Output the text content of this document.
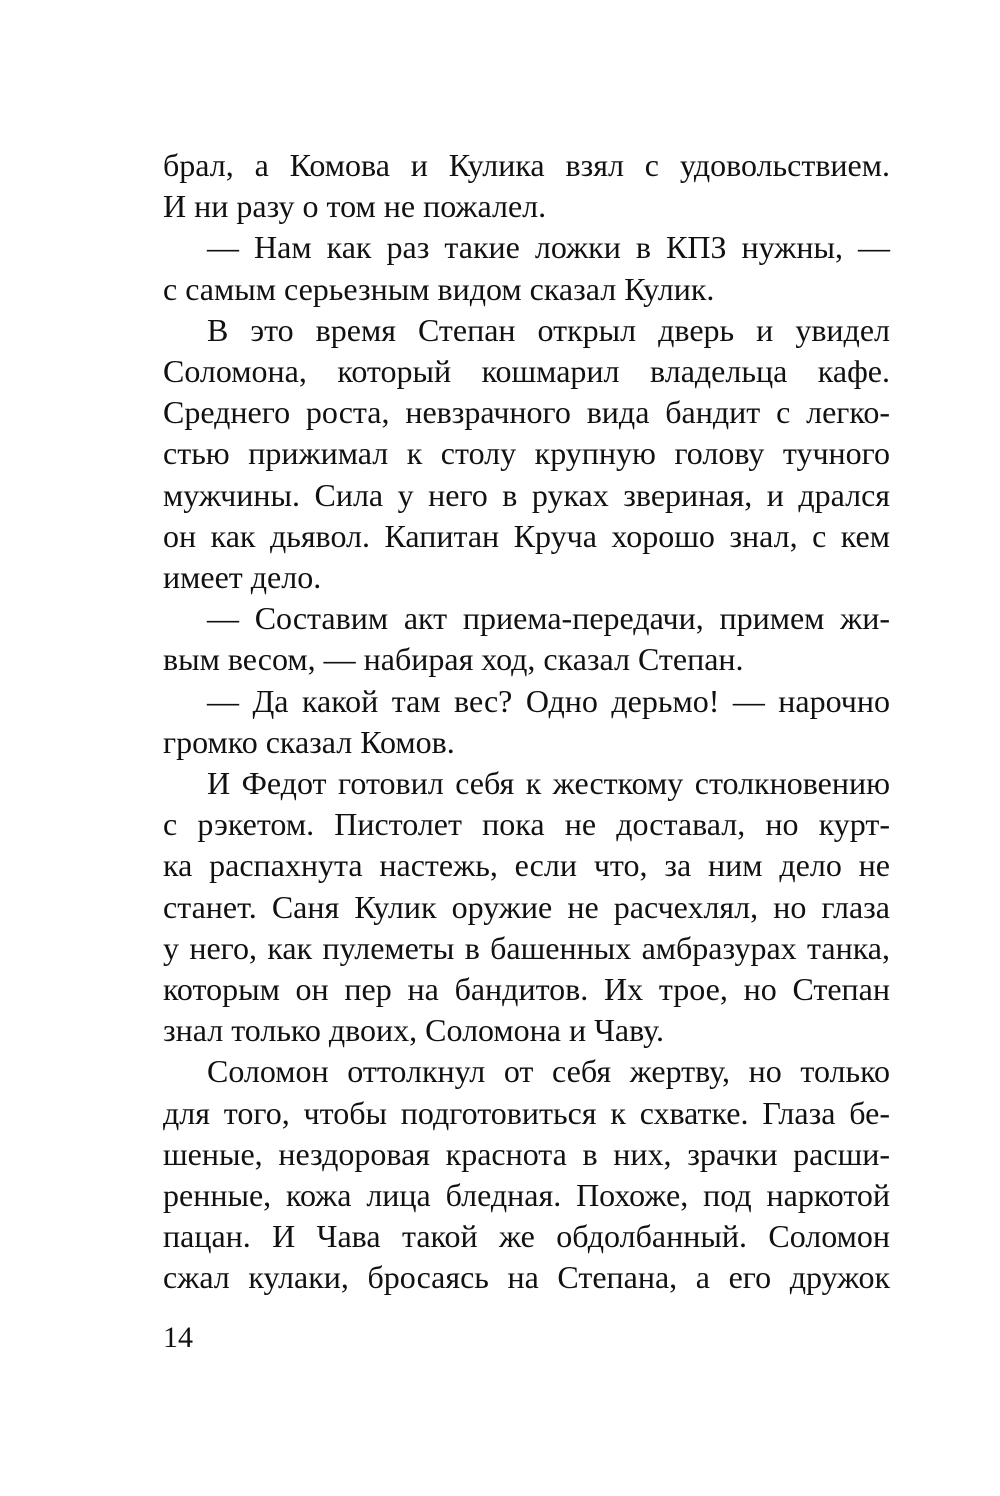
брал, а Комова и Кулика взял с удовольствием.
И ни разу о том не пожалел.
— Нам как раз такие ложки в КПЗ нужны, —
с самым серьезным видом сказал Кулик.
В это время Степан открыл дверь и увидел
Соломона, который кошмарил владельца кафе.
Среднего роста, невзрачного вида бандит с легко-
стью прижимал к столу крупную голову тучного
мужчины. Сила у него в руках звериная, и дрался
он как дьявол. Капитан Круча хорошо знал, с кем
имеет дело.
— Составим акт приема-передачи, примем жи-
вым весом, — набирая ход, сказал Степан.
— Да какой там вес? Одно дерьмо! — нарочно
громко сказал Комов.
И Федот готовил себя к жесткому столкновению
с рэкетом. Пистолет пока не доставал, но курт-
ка распахнута настежь, если что, за ним дело не
станет. Саня Кулик оружие не расчехлял, но глаза
у него, как пулеметы в башенных амбразурах танка,
которым он пер на бандитов. Их трое, но Степан
знал только двоих, Соломона и Чаву.
Соломон оттолкнул от себя жертву, но только
для того, чтобы подготовиться к схватке. Глаза бе-
шеные, нездоровая краснота в них, зрачки расши-
ренные, кожа лица бледная. Похоже, под наркотой
пацан. И Чава такой же обдолбанный. Соломон
сжал кулаки, бросаясь на Степана, а его дружок
14
